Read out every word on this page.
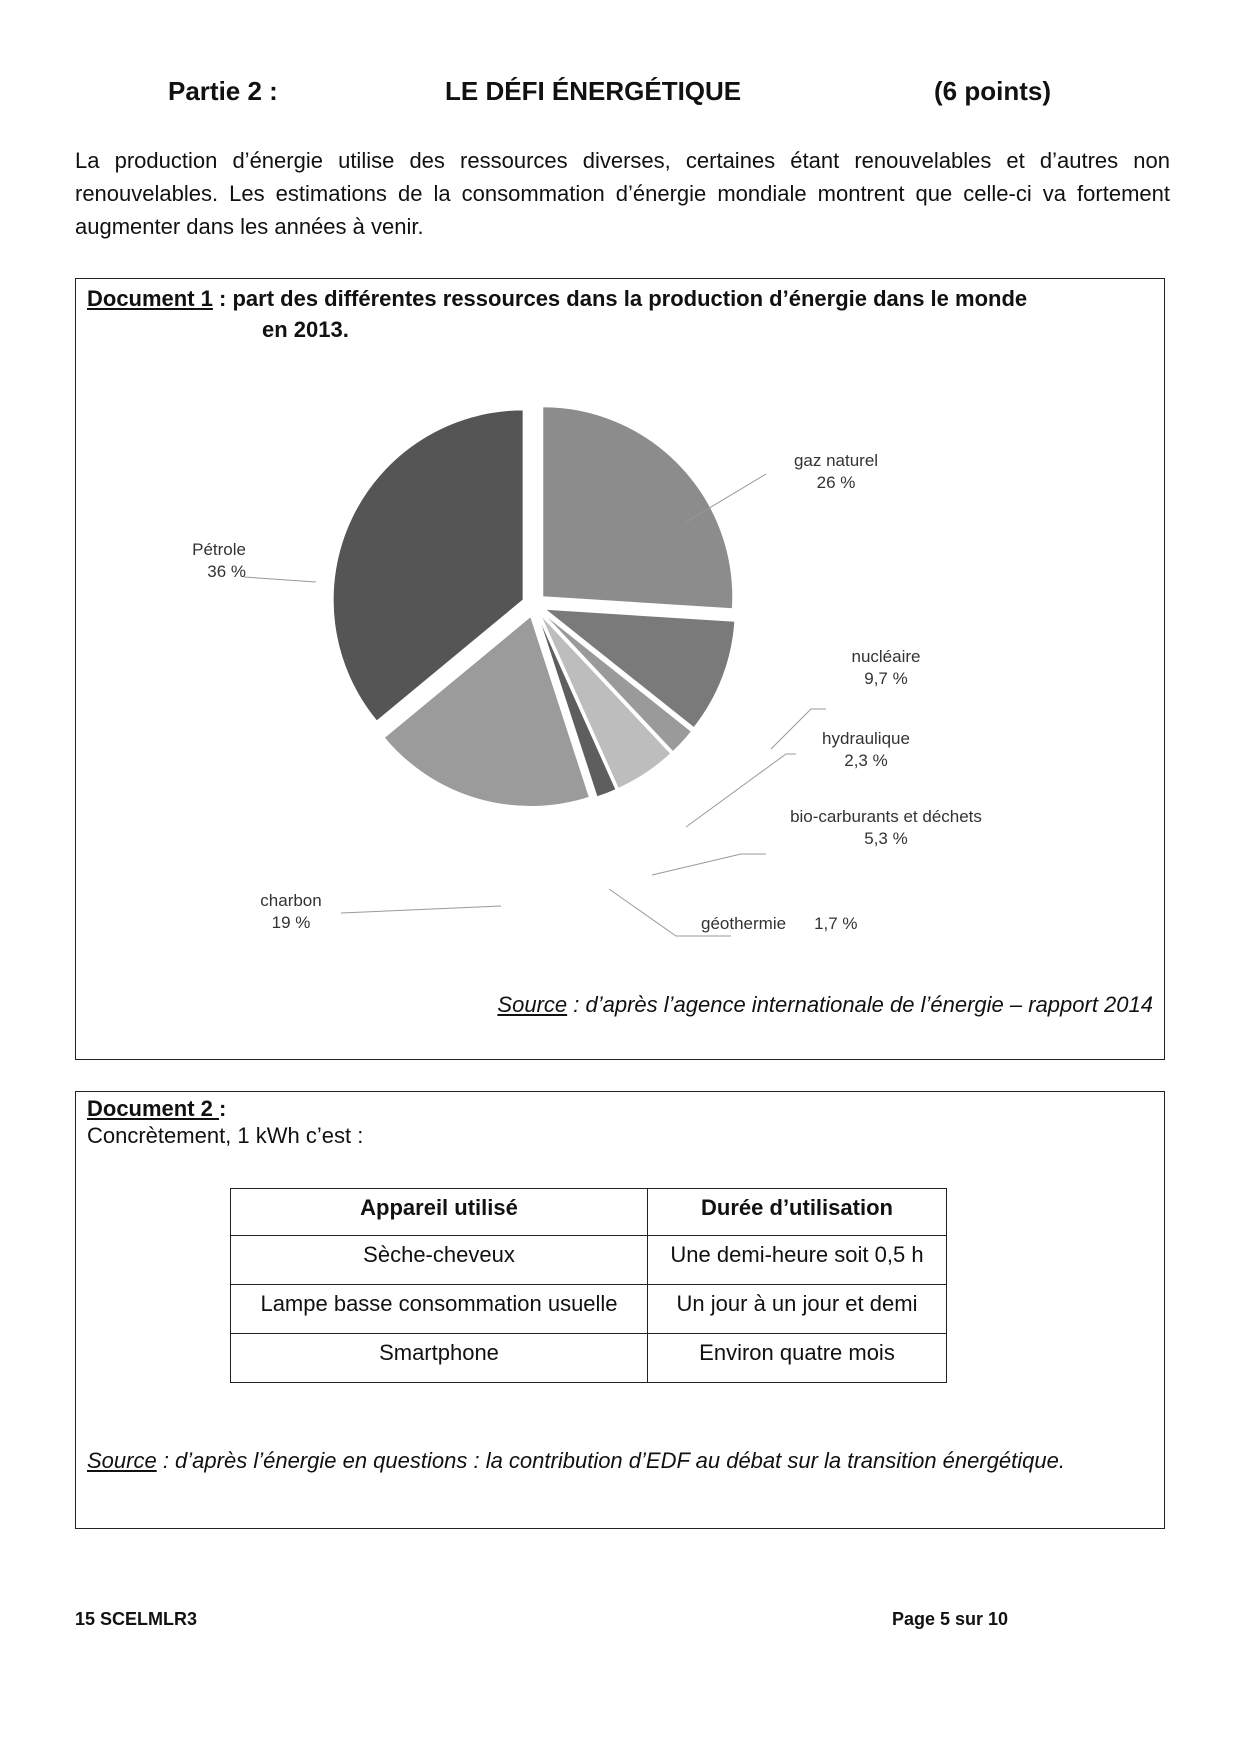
Partie 2 :	LE DÉFI ÉNERGÉTIQUE	(6 points)
La production d’énergie utilise des ressources diverses, certaines étant renouvelables et d’autres non renouvelables. Les estimations de la consommation d’énergie mondiale montrent que celle-ci va fortement augmenter dans les années à venir.
Document 1 : part des différentes ressources dans la production d’énergie dans le monde
en 2013.
gaz naturel
26 %
nucléaire
9,7 %
hydraulique
2,3 %
bio-carburants et déchets
5,3 %
géothermie 1,7 %
charbon
19 %
Pétrole
36 %
Source : d’après l’agence internationale de l’énergie – rapport 2014
Document 2 :
Concrètement, 1 kWh c’est :
Appareil utilisé	Durée d’utilisation
Sèche-cheveux	Une demi-heure soit 0,5 h
Lampe basse consommation usuelle	Un jour à un jour et demi
Smartphone	Environ quatre mois
Source : d’après l’énergie en questions : la contribution d’EDF au débat sur la transition énergétique.
15 SCELMLR3	Page 5 sur 10
